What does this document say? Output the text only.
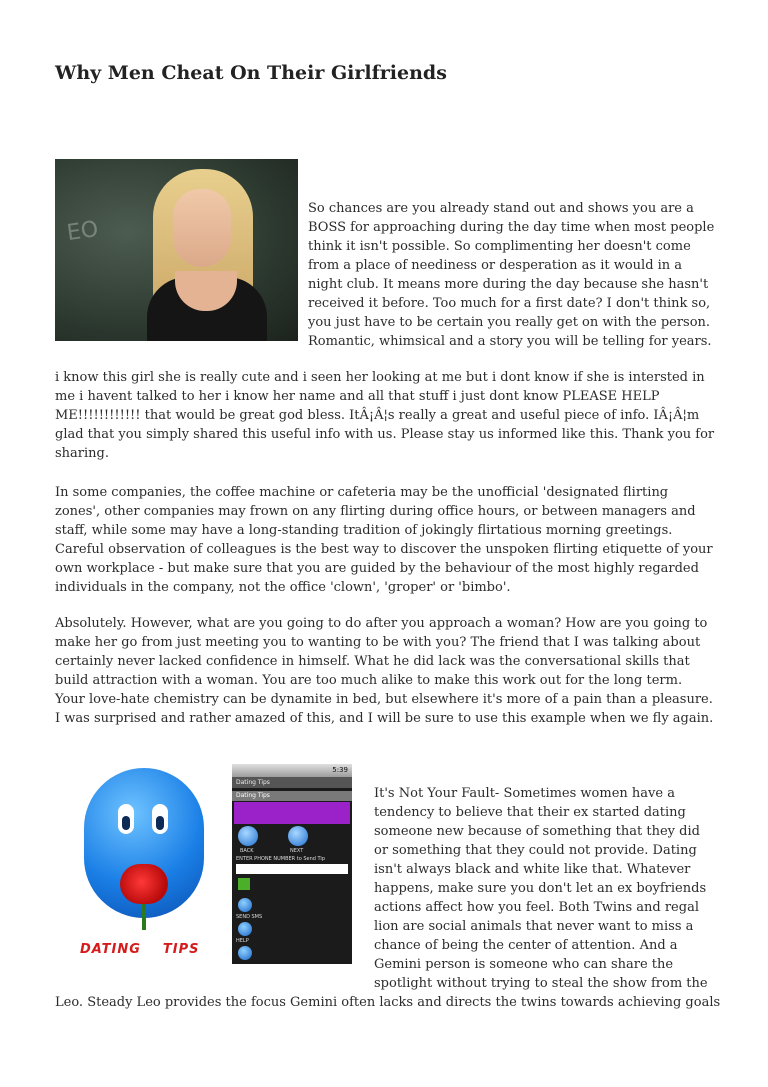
Why Men Cheat On Their Girlfriends
EO

So chances are you already stand out and shows you are a BOSS for approaching during the day time when most people think it isn't possible. So complimenting her doesn't come from a place of neediness or desperation as it would in a night club. It means more during the day because she hasn't received it before. Too much for a first date? I don't think so, you just have to be certain you really get on with the person. Romantic, whimsical and a story you will be telling for years.

i know this girl she is really cute and i seen her looking at me but i dont know if she is intersted in me i havent talked to her i know her name and all that stuff i just dont know PLEASE HELP ME!!!!!!!!!!!! that would be great god bless. ItÂ¡Â¦s really a great and useful piece of info. IÂ¡Â¦m glad that you simply shared this useful info with us. Please stay us informed like this. Thank you for sharing.

In some companies, the coffee machine or cafeteria may be the unofficial 'designated flirting zones', other companies may frown on any flirting during office hours, or between managers and staff, while some may have a long-standing tradition of jokingly flirtatious morning greetings. Careful observation of colleagues is the best way to discover the unspoken flirting etiquette of your own workplace - but make sure that you are guided by the behaviour of the most highly regarded individuals in the company, not the office 'clown', 'groper' or 'bimbo'.

Absolutely. However, what are you going to do after you approach a woman? How are you going to make her go from just meeting you to wanting to be with you? The friend that I was talking about certainly never lacked confidence in himself. What he did lack was the conversational skills that build attraction with a woman. You are too much alike to make this work out for the long term. Your love-hate chemistry can be dynamite in bed, but elsewhere it's more of a pain than a pleasure. I was surprised and rather amazed of this, and I will be sure to use this example when we fly again.

DATING TIPS
5:39
Dating Tips
Dating Tips
BACK	NEXT
ENTER PHONE NUMBER to Send Tip
SEND SMS
HELP

It's Not Your Fault- Sometimes women have a tendency to believe that their ex started dating someone new because of something that they did or something that they could not provide. Dating isn't always black and white like that. Whatever happens, make sure you don't let an ex boyfriends actions affect how you feel. Both Twins and regal lion are social animals that never want to miss a chance of being the center of attention. And a Gemini person is someone who can share the spotlight without trying to steal the show from the

Leo. Steady Leo provides the focus Gemini often lacks and directs the twins towards achieving goals
